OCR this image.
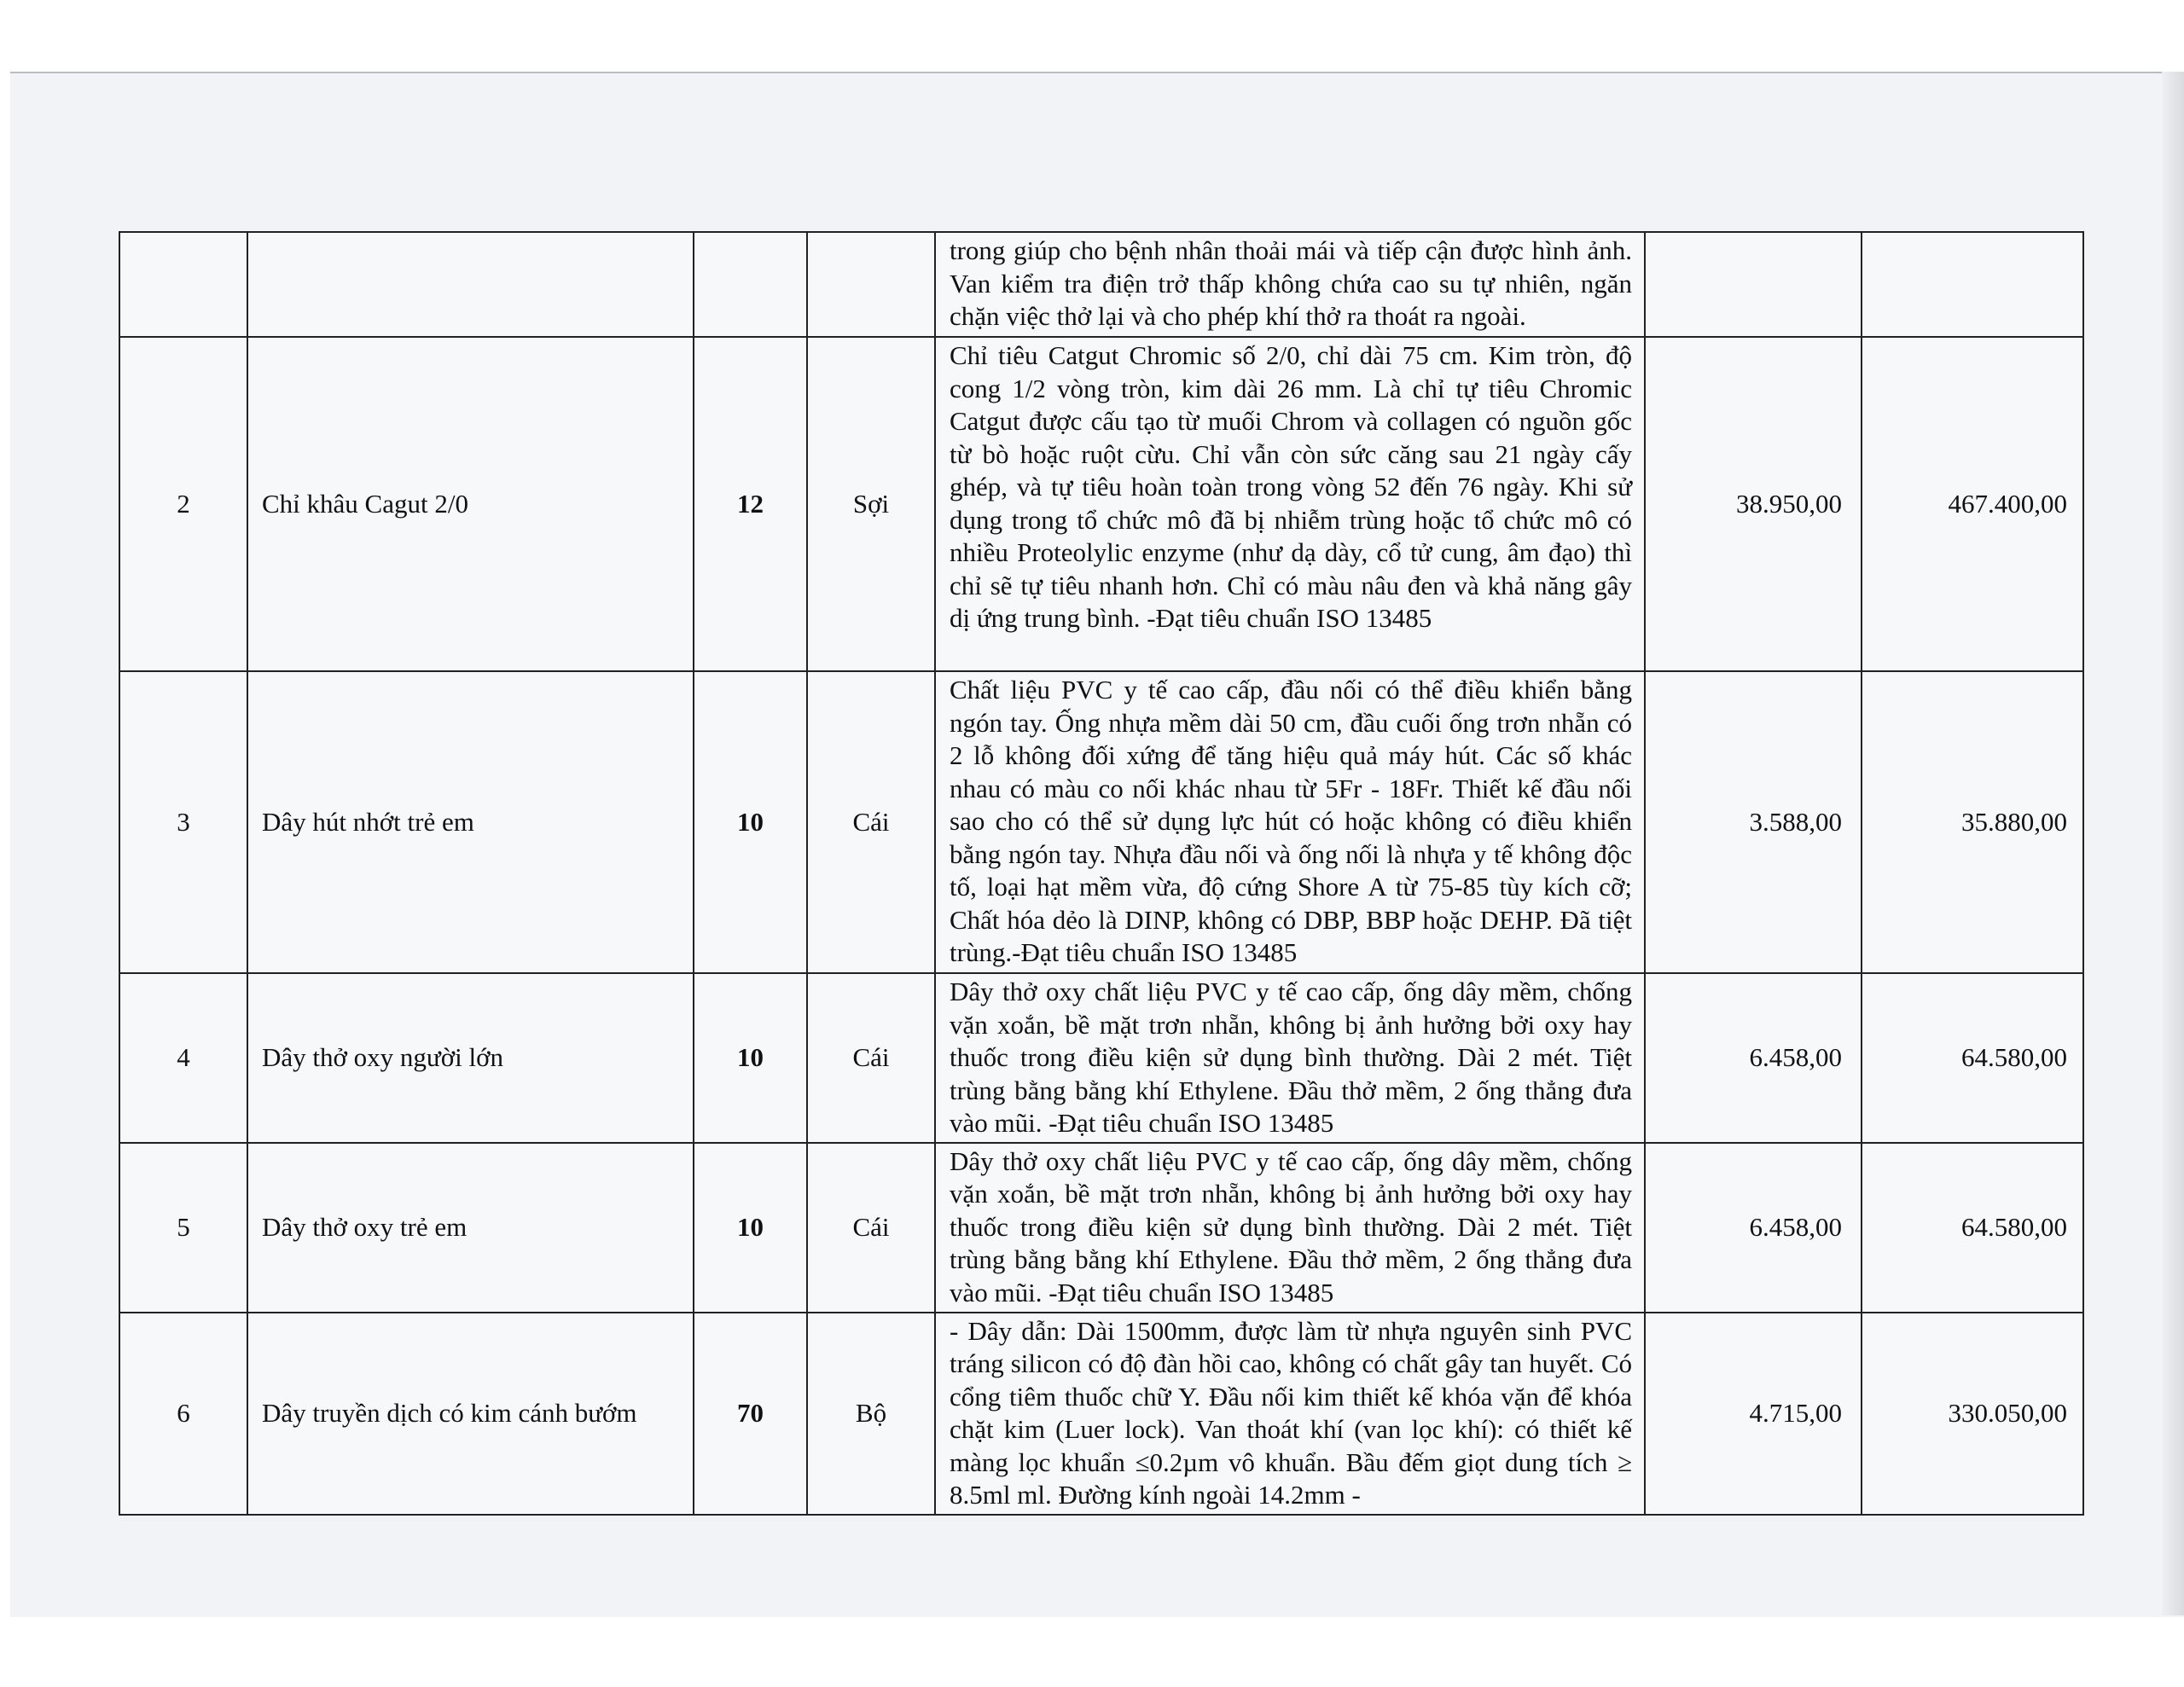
				trong giúp cho bệnh nhân thoải mái và tiếp cận được hình ảnh. Van kiểm tra điện trở thấp không chứa cao su tự nhiên, ngăn chặn việc thở lại và cho phép khí thở ra thoát ra ngoài.		
2	Chỉ khâu Cagut 2/0	12	Sợi	Chỉ tiêu Catgut Chromic số 2/0, chỉ dài 75 cm. Kim tròn, độ cong 1/2 vòng tròn, kim dài 26 mm. Là chỉ tự tiêu Chromic Catgut được cấu tạo từ muối Chrom và collagen có nguồn gốc từ bò hoặc ruột cừu. Chỉ vẫn còn sức căng sau 21 ngày cấy ghép, và tự tiêu hoàn toàn trong vòng 52 đến 76 ngày. Khi sử dụng trong tổ chức mô đã bị nhiễm trùng hoặc tổ chức mô có nhiều Proteolylic enzyme (như dạ dày, cổ tử cung, âm đạo) thì chỉ sẽ tự tiêu nhanh hơn. Chỉ có màu nâu đen và khả năng gây dị ứng trung bình. -Đạt tiêu chuẩn ISO 13485	38.950,00	467.400,00
3	Dây hút nhớt trẻ em	10	Cái	Chất liệu PVC y tế cao cấp, đầu nối có thể điều khiển bằng ngón tay. Ống nhựa mềm dài 50 cm, đầu cuối ống trơn nhẵn có 2 lỗ không đối xứng để tăng hiệu quả máy hút. Các số khác nhau có màu co nối khác nhau từ 5Fr - 18Fr. Thiết kế đầu nối sao cho có thể sử dụng lực hút có hoặc không có điều khiển bằng ngón tay. Nhựa đầu nối và ống nối là nhựa y tế không độc tố, loại hạt mềm vừa, độ cứng Shore A từ 75-85 tùy kích cỡ; Chất hóa dẻo là DINP, không có DBP, BBP hoặc DEHP. Đã tiệt trùng.-Đạt tiêu chuẩn ISO 13485	3.588,00	35.880,00
4	Dây thở oxy người lớn	10	Cái	Dây thở oxy chất liệu PVC y tế cao cấp, ống dây mềm, chống vặn xoắn, bề mặt trơn nhẵn, không bị ảnh hưởng bởi oxy hay thuốc trong điều kiện sử dụng bình thường. Dài 2 mét. Tiệt trùng bằng bằng khí Ethylene. Đầu thở mềm, 2 ống thẳng đưa vào mũi. -Đạt tiêu chuẩn ISO 13485	6.458,00	64.580,00
5	Dây thở oxy trẻ em	10	Cái	Dây thở oxy chất liệu PVC y tế cao cấp, ống dây mềm, chống vặn xoắn, bề mặt trơn nhẵn, không bị ảnh hưởng bởi oxy hay thuốc trong điều kiện sử dụng bình thường. Dài 2 mét. Tiệt trùng bằng bằng khí Ethylene. Đầu thở mềm, 2 ống thẳng đưa vào mũi. -Đạt tiêu chuẩn ISO 13485	6.458,00	64.580,00
6	Dây truyền dịch có kim cánh bướm	70	Bộ	- Dây dẫn: Dài 1500mm, được làm từ nhựa nguyên sinh PVC tráng silicon có độ đàn hồi cao, không có chất gây tan huyết. Có cổng tiêm thuốc chữ Y. Đầu nối kim thiết kế khóa vặn để khóa chặt kim (Luer lock). Van thoát khí (van lọc khí): có thiết kế màng lọc khuẩn ≤0.2µm vô khuẩn. Bầu đếm giọt dung tích ≥ 8.5ml ml. Đường kính ngoài 14.2mm -	4.715,00	330.050,00
